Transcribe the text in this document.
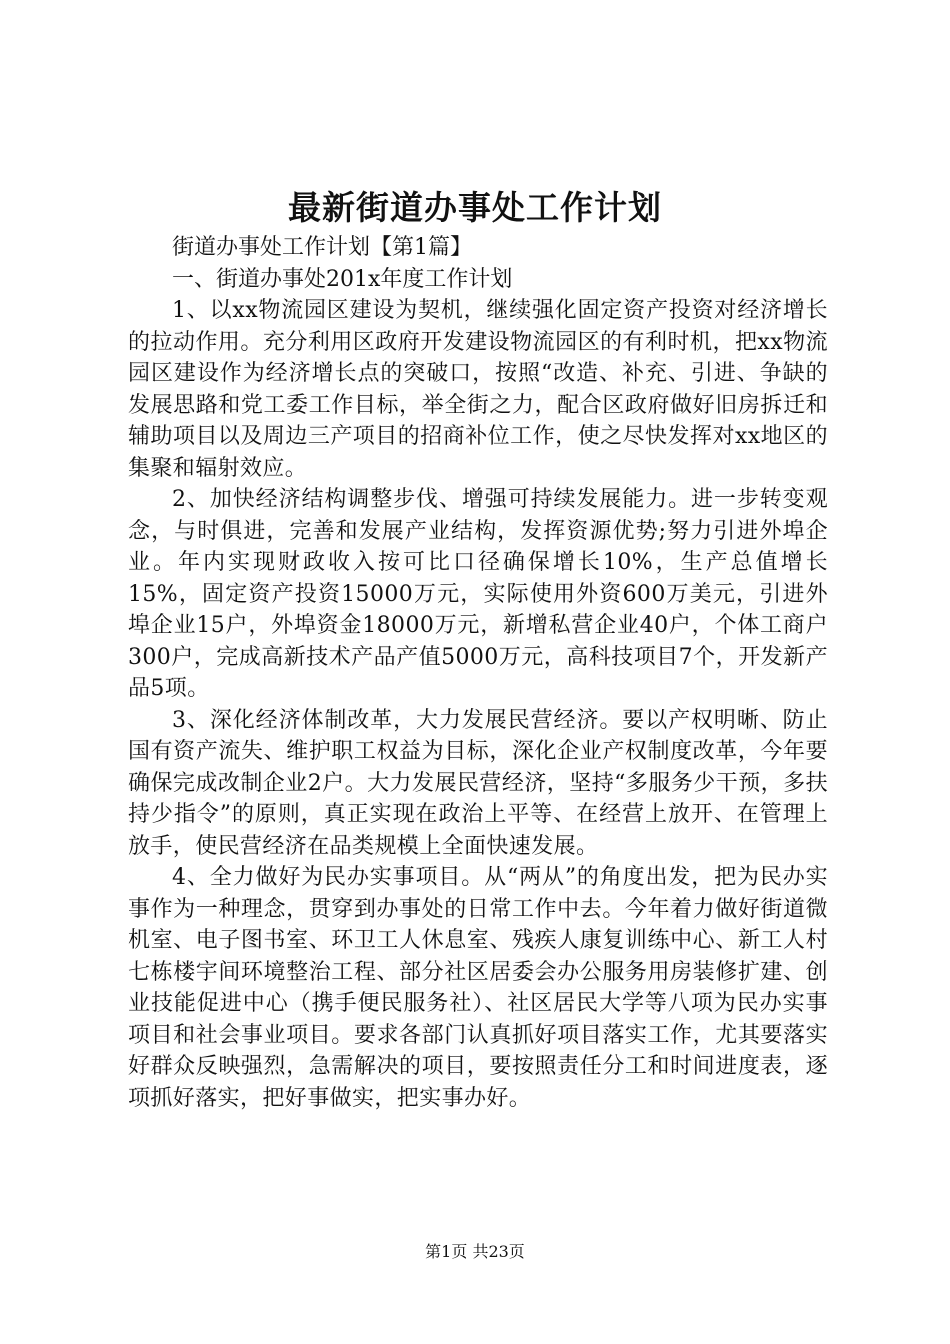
最新街道办事处工作计划

街道办事处工作计划【第1篇】

一、街道办事处201x年度工作计划

1、以xx物流园区建设为契机，继续强化固定资产投资对经济增长的拉动作用。充分利用区政府开发建设物流园区的有利时机，把xx物流园区建设作为经济增长点的突破口，按照“改造、补充、引进、争缺的发展思路和党工委工作目标，举全街之力，配合区政府做好旧房拆迁和辅助项目以及周边三产项目的招商补位工作，使之尽快发挥对xx地区的集聚和辐射效应。

2、加快经济结构调整步伐、增强可持续发展能力。进一步转变观念，与时俱进，完善和发展产业结构，发挥资源优势;努力引进外埠企业。年内实现财政收入按可比口径确保增长10%，生产总值增长15%，固定资产投资15000万元，实际使用外资600万美元，引进外埠企业15户，外埠资金18000万元，新增私营企业40户，个体工商户300户，完成高新技术产品产值5000万元，高科技项目7个，开发新产品5项。

3、深化经济体制改革，大力发展民营经济。要以产权明晰、防止国有资产流失、维护职工权益为目标，深化企业产权制度改革，今年要确保完成改制企业2户。大力发展民营经济，坚持“多服务少干预，多扶持少指令”的原则，真正实现在政治上平等、在经营上放开、在管理上放手，使民营经济在品类规模上全面快速发展。

4、全力做好为民办实事项目。从“两从”的角度出发，把为民办实事作为一种理念，贯穿到办事处的日常工作中去。今年着力做好街道微机室、电子图书室、环卫工人休息室、残疾人康复训练中心、新工人村七栋楼宇间环境整治工程、部分社区居委会办公服务用房装修扩建、创业技能促进中心（携手便民服务社）、社区居民大学等八项为民办实事项目和社会事业项目。要求各部门认真抓好项目落实工作，尤其要落实好群众反映强烈，急需解决的项目，要按照责任分工和时间进度表，逐项抓好落实，把好事做实，把实事办好。

第1页 共23页
